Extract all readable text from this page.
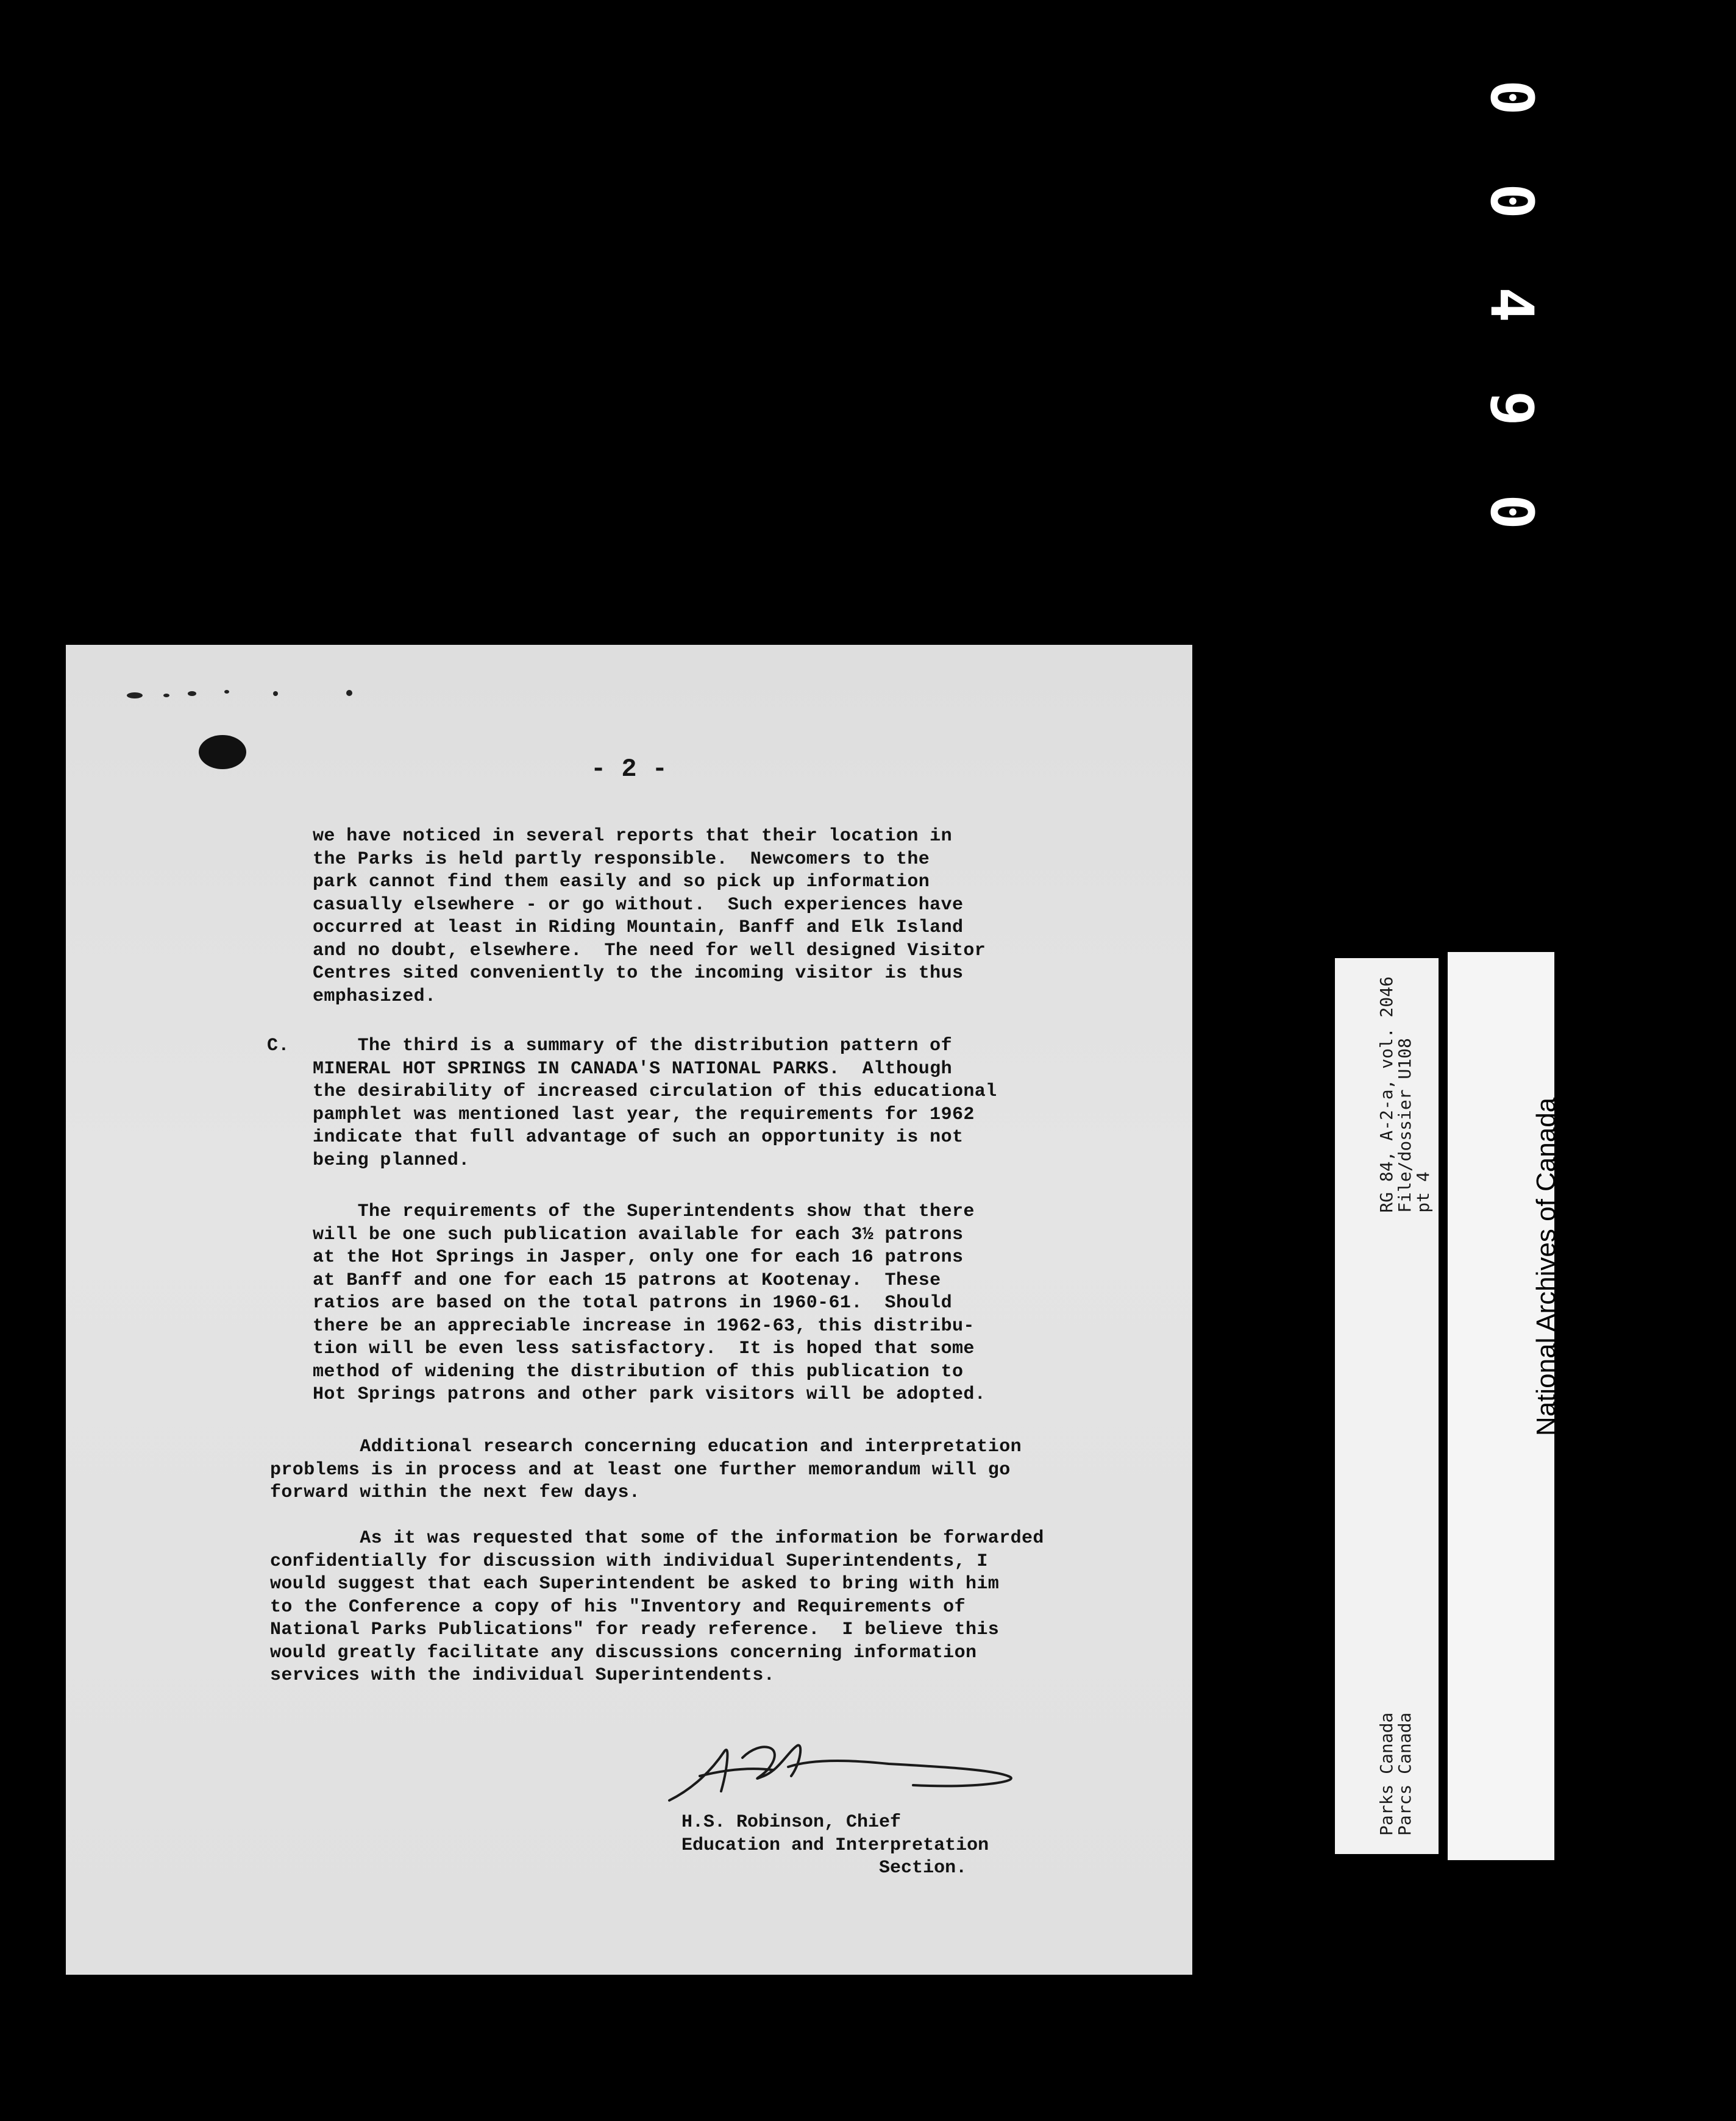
0
0
4
9
0
- 2 -
we have noticed in several reports that their location in
the Parks is held partly responsible.  Newcomers to the
park cannot find them easily and so pick up information
casually elsewhere - or go without.  Such experiences have
occurred at least in Riding Mountain, Banff and Elk Island
and no doubt, elsewhere.  The need for well designed Visitor
Centres sited conveniently to the incoming visitor is thus
emphasized.
C.	The third is a summary of the distribution pattern of
MINERAL HOT SPRINGS IN CANADA'S NATIONAL PARKS.  Although
the desirability of increased circulation of this educational
pamphlet was mentioned last year, the requirements for 1962
indicate that full advantage of such an opportunity is not
being planned.
The requirements of the Superintendents show that there
will be one such publication available for each 3½ patrons
at the Hot Springs in Jasper, only one for each 16 patrons
at Banff and one for each 15 patrons at Kootenay.  These
ratios are based on the total patrons in 1960-61.  Should
there be an appreciable increase in 1962-63, this distribu-
tion will be even less satisfactory.  It is hoped that some
method of widening the distribution of this publication to
Hot Springs patrons and other park visitors will be adopted.
Additional research concerning education and interpretation
problems is in process and at least one further memorandum will go
forward within the next few days.
As it was requested that some of the information be forwarded
confidentially for discussion with individual Superintendents, I
would suggest that each Superintendent be asked to bring with him
to the Conference a copy of his "Inventory and Requirements of
National Parks Publications" for ready reference.  I believe this
would greatly facilitate any discussions concerning information
services with the individual Superintendents.
H.S. Robinson, Chief
Education and Interpretation
Section.
RG 84, A-2-a, vol. 2046
File/dossier U108
pt 4
Parks Canada
Parcs Canada

National Archives of Canada

Archives nationales du Canada
